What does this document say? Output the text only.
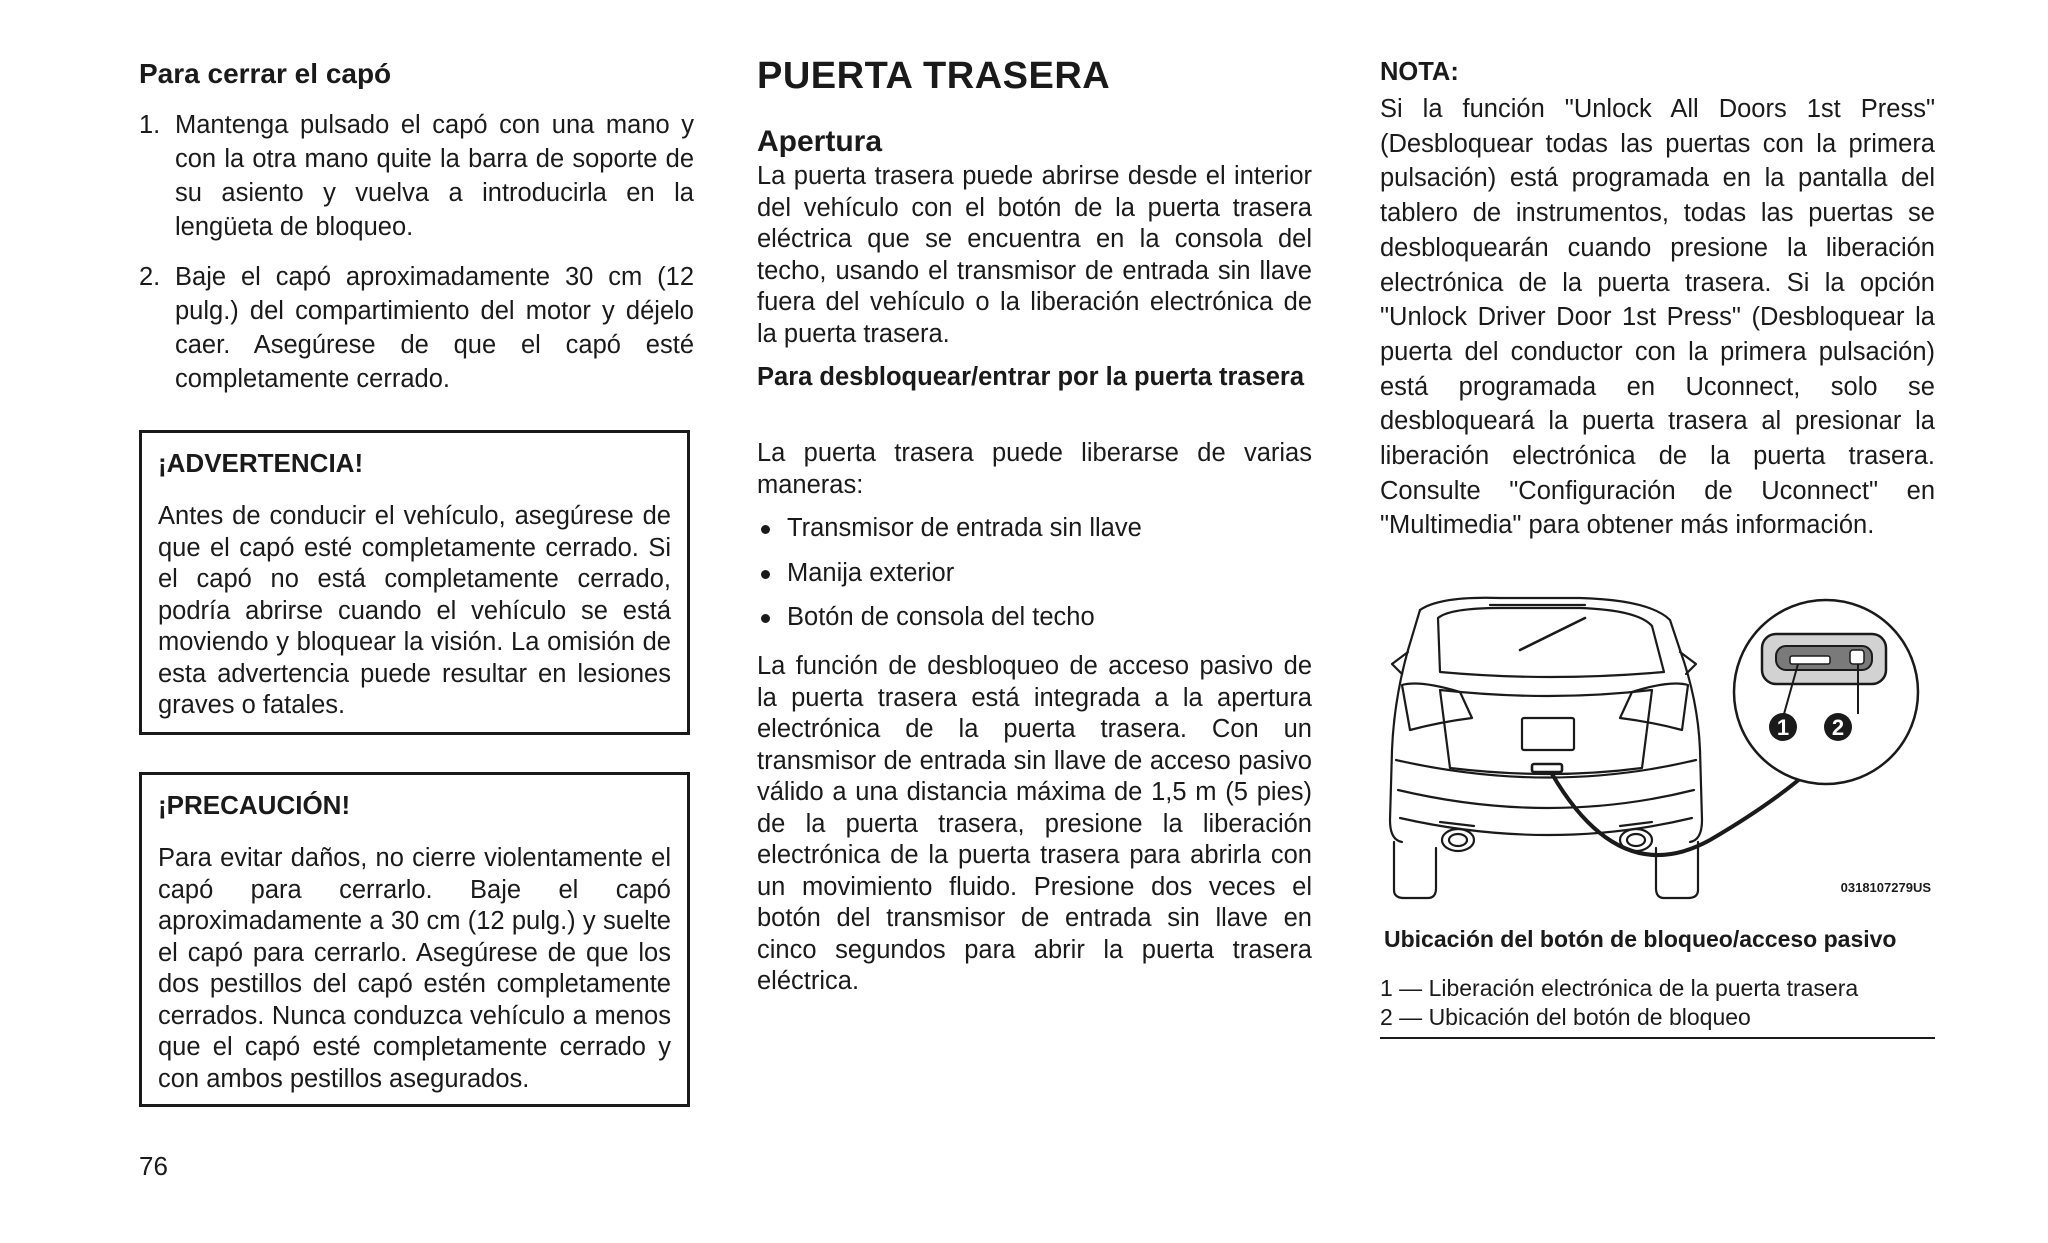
Para cerrar el capó
1. Mantenga pulsado el capó con una mano y con la otra mano quite la barra de soporte de su asiento y vuelva a introducirla en la lengüeta de bloqueo.
2. Baje el capó aproximadamente 30 cm (12 pulg.) del compartimiento del motor y déjelo caer. Asegúrese de que el capó esté completamente cerrado.
¡ADVERTENCIA!
Antes de conducir el vehículo, asegúrese de que el capó esté completamente cerrado. Si el capó no está completamente cerrado, podría abrirse cuando el vehículo se está moviendo y bloquear la visión. La omisión de esta advertencia puede resultar en lesiones graves o fatales.
¡PRECAUCIÓN!
Para evitar daños, no cierre violentamente el capó para cerrarlo. Baje el capó aproximadamente a 30 cm (12 pulg.) y suelte el capó para cerrarlo. Asegúrese de que los dos pestillos del capó estén completamente cerrados. Nunca conduzca vehículo a menos que el capó esté completamente cerrado y con ambos pestillos asegurados.
PUERTA TRASERA
Apertura

La puerta trasera puede abrirse desde el interior del vehículo con el botón de la puerta trasera eléctrica que se encuentra en la consola del techo, usando el transmisor de entrada sin llave fuera del vehículo o la liberación electrónica de la puerta trasera.

Para desbloquear/entrar por la puerta trasera

La puerta trasera puede liberarse de varias maneras:

Transmisor de entrada sin llave
Manija exterior
Botón de consola del techo

La función de desbloqueo de acceso pasivo de la puerta trasera está integrada a la apertura electrónica de la puerta trasera. Con un transmisor de entrada sin llave de acceso pasivo válido a una distancia máxima de 1,5 m (5 pies) de la puerta trasera, presione la liberación electrónica de la puerta trasera para abrirla con un movimiento fluido. Presione dos veces el botón del transmisor de entrada sin llave en cinco segundos para abrir la puerta trasera eléctrica.

NOTA:

Si la función "Unlock All Doors 1st Press" (Desbloquear todas las puertas con la primera pulsación) está programada en la pantalla del tablero de instrumentos, todas las puertas se desbloquearán cuando presione la liberación electrónica de la puerta trasera. Si la opción "Unlock Driver Door 1st Press" (Desbloquear la puerta del conductor con la primera pulsación) está programada en Uconnect, solo se desbloqueará la puerta trasera al presionar la liberación electrónica de la puerta trasera. Consulte "Configuración de Uconnect" en "Multimedia" para obtener más información.

1 2
0318107279US
Ubicación del botón de bloqueo/acceso pasivo
1 — Liberación electrónica de la puerta trasera
2 — Ubicación del botón de bloqueo
76
